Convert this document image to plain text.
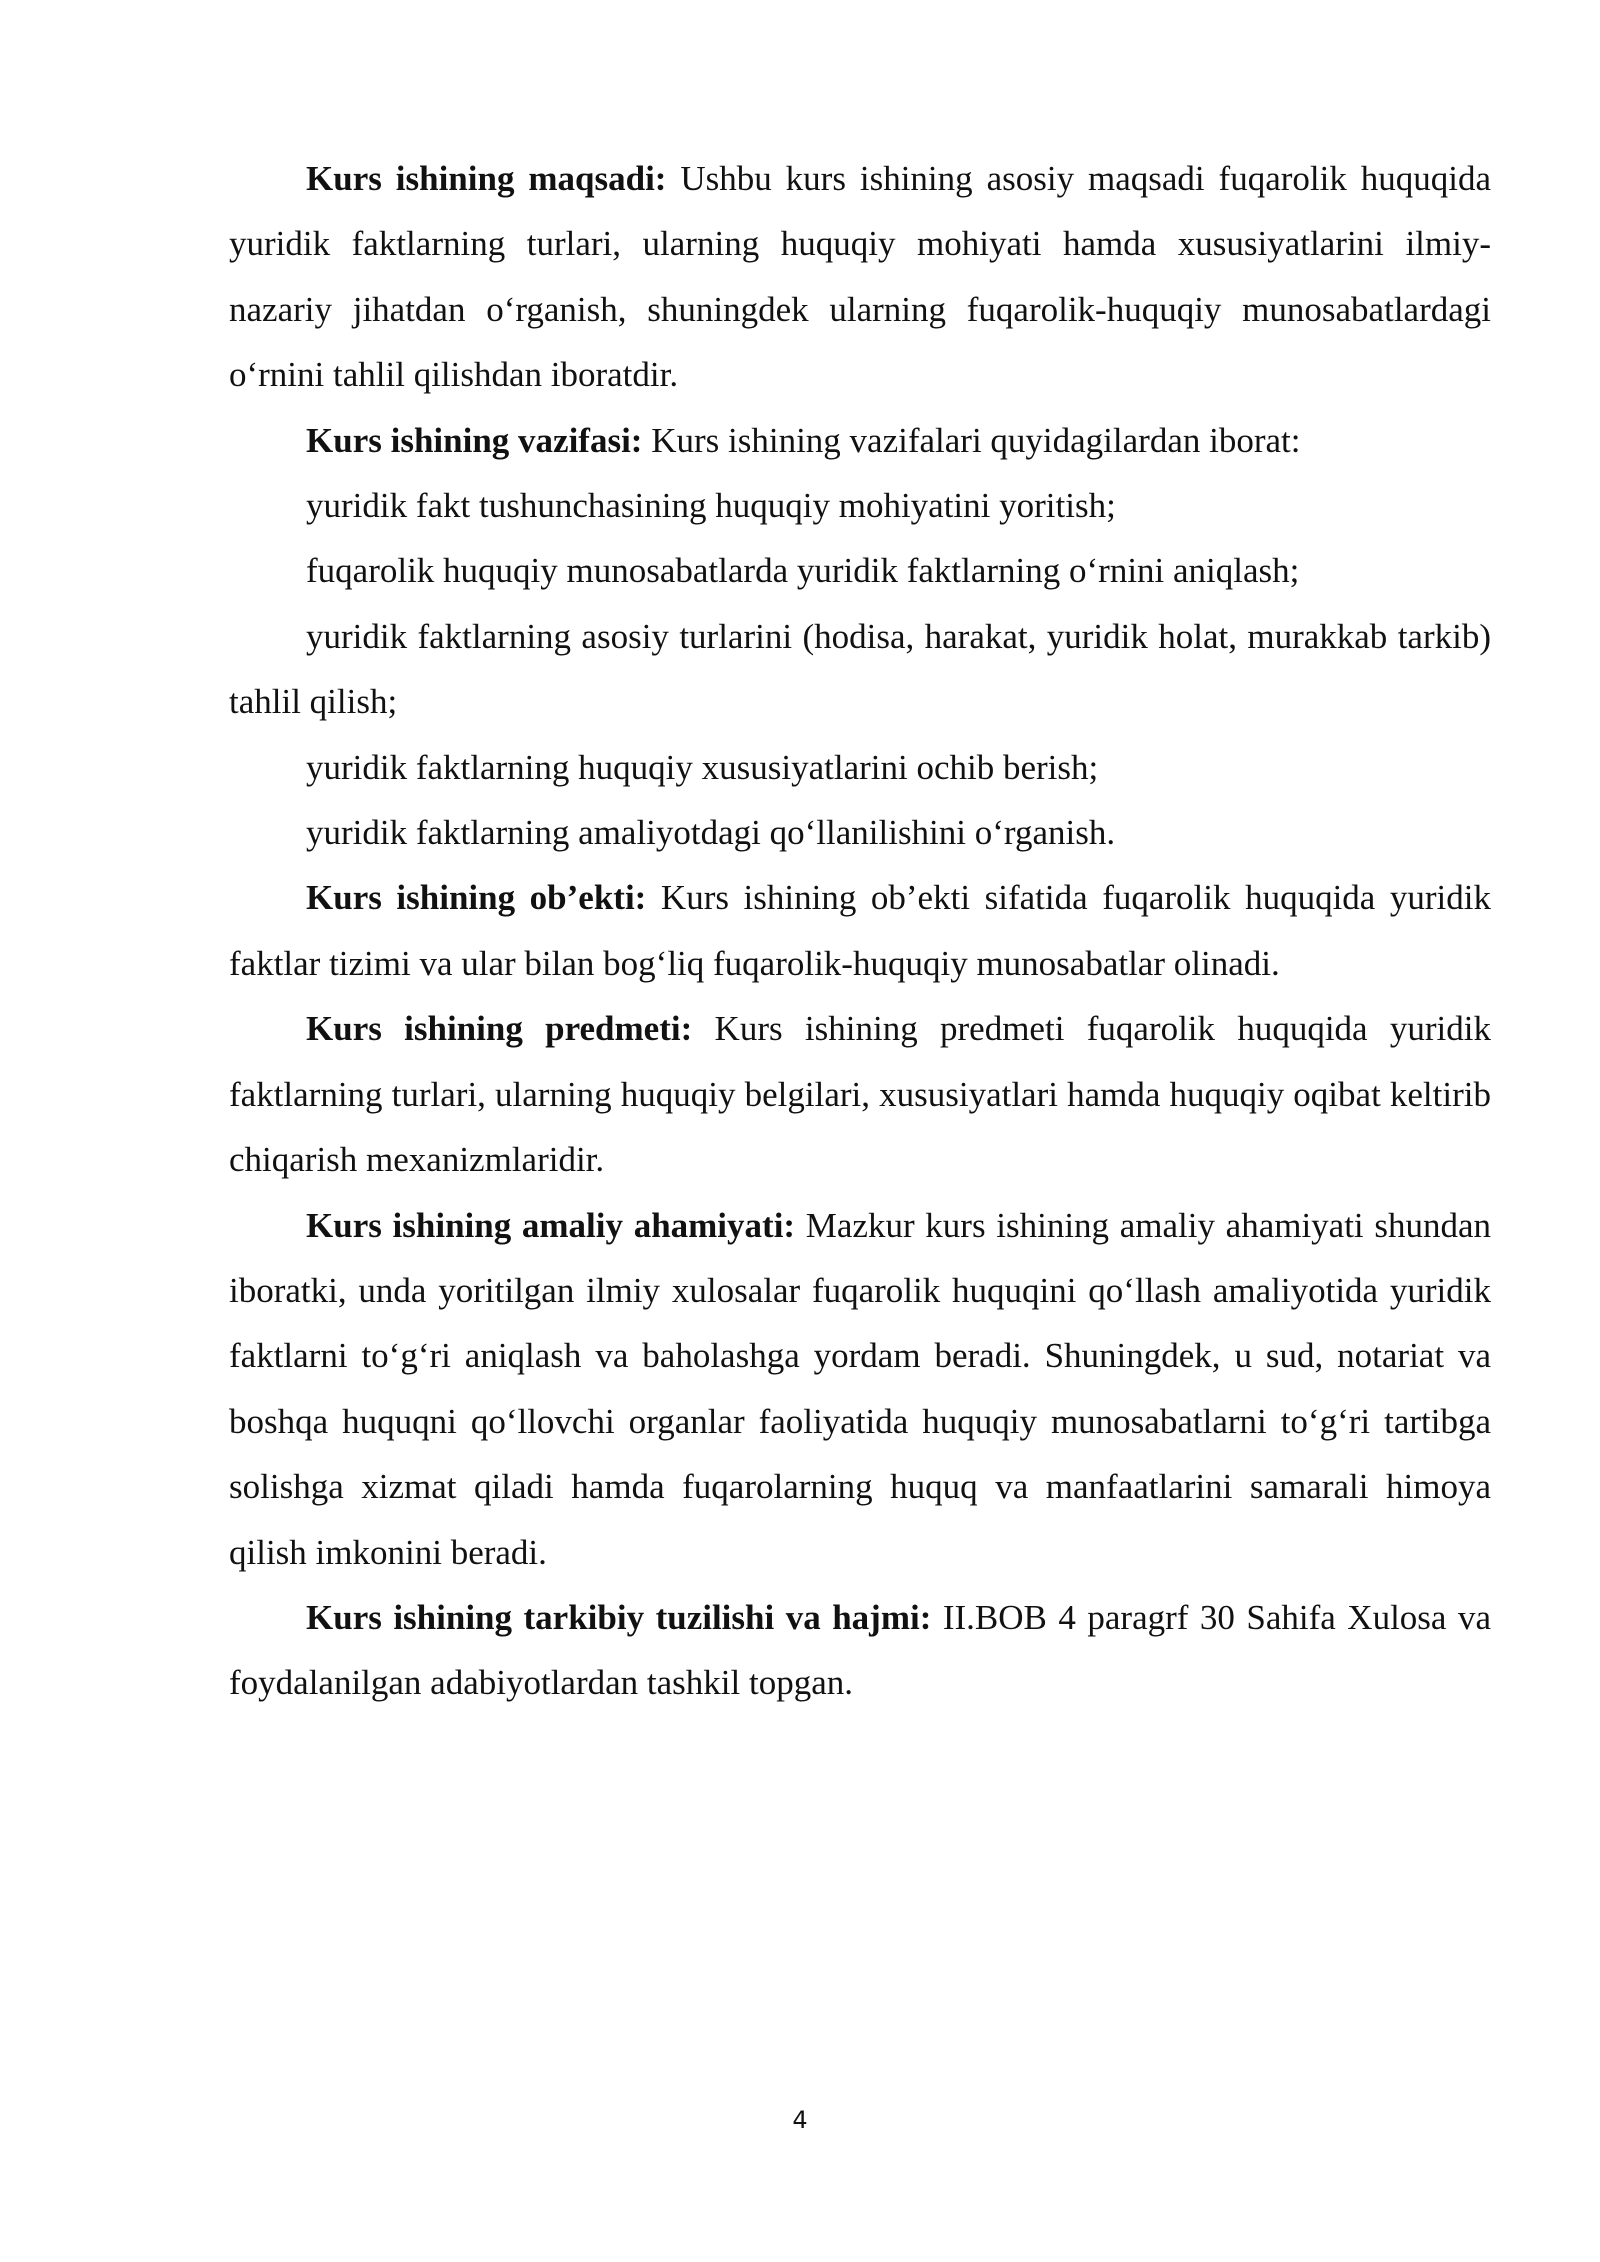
Kurs ishining maqsadi: Ushbu kurs ishining asosiy maqsadi fuqarolik huquqida yuridik faktlarning turlari, ularning huquqiy mohiyati hamda xususiyatlarini ilmiy-nazariy jihatdan o‘rganish, shuningdek ularning fuqarolik-huquqiy munosabatlardagi o‘rnini tahlil qilishdan iboratdir.

Kurs ishining vazifasi: Kurs ishining vazifalari quyidagilardan iborat:

yuridik fakt tushunchasining huquqiy mohiyatini yoritish;

fuqarolik huquqiy munosabatlarda yuridik faktlarning o‘rnini aniqlash;

yuridik faktlarning asosiy turlarini (hodisa, harakat, yuridik holat, murakkab tarkib) tahlil qilish;

yuridik faktlarning huquqiy xususiyatlarini ochib berish;

yuridik faktlarning amaliyotdagi qo‘llanilishini o‘rganish.

Kurs ishining ob’ekti: Kurs ishining ob’ekti sifatida fuqarolik huquqida yuridik faktlar tizimi va ular bilan bog‘liq fuqarolik-huquqiy munosabatlar olinadi.

Kurs ishining predmeti: Kurs ishining predmeti fuqarolik huquqida yuridik faktlarning turlari, ularning huquqiy belgilari, xususiyatlari hamda huquqiy oqibat keltirib chiqarish mexanizmlaridir.

Kurs ishining amaliy ahamiyati: Mazkur kurs ishining amaliy ahamiyati shundan iboratki, unda yoritilgan ilmiy xulosalar fuqarolik huquqini qo‘llash amaliyotida yuridik faktlarni to‘g‘ri aniqlash va baholashga yordam beradi. Shuningdek, u sud, notariat va boshqa huquqni qo‘llovchi organlar faoliyatida huquqiy munosabatlarni to‘g‘ri tartibga solishga xizmat qiladi hamda fuqarolarning huquq va manfaatlarini samarali himoya qilish imkonini beradi.

Kurs ishining tarkibiy tuzilishi va hajmi: II.BOB 4 paragrf 30 Sahifa Xulosa va foydalanilgan adabiyotlardan tashkil topgan.

4
